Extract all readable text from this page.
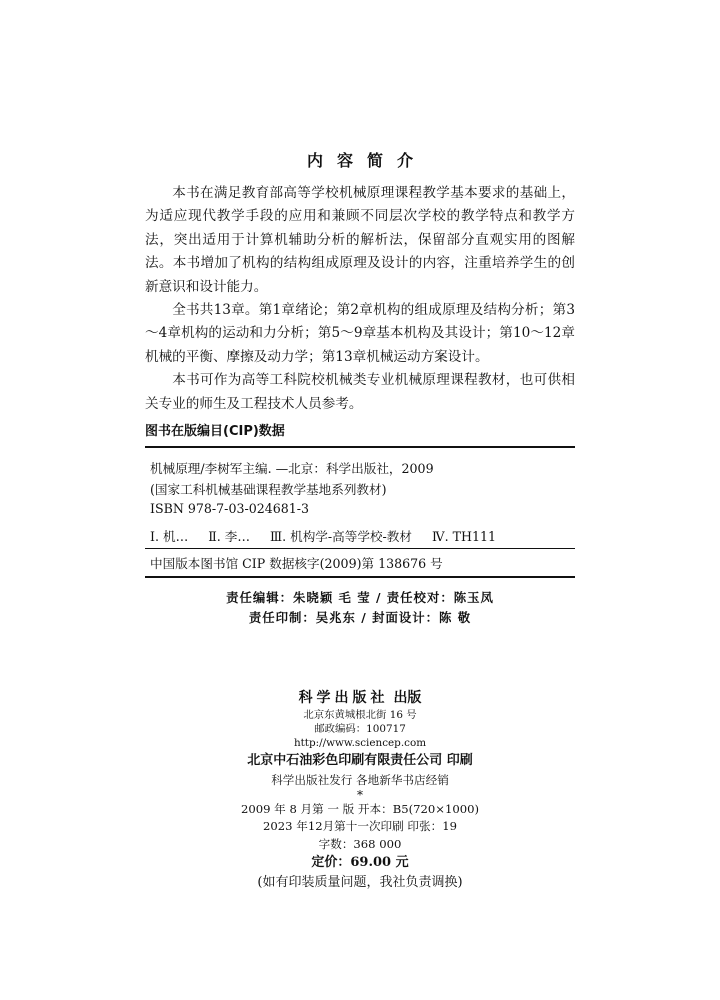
内容简介

本书在满足教育部高等学校机械原理课程教学基本要求的基础上，为适应现代教学手段的应用和兼顾不同层次学校的教学特点和教学方法，突出适用于计算机辅助分析的解析法，保留部分直观实用的图解法。本书增加了机构的结构组成原理及设计的内容，注重培养学生的创新意识和设计能力。

全书共13章。第1章绪论；第2章机构的组成原理及结构分析；第3～4章机构的运动和力分析；第5～9章基本机构及其设计；第10～12章机械的平衡、摩擦及动力学；第13章机械运动方案设计。

本书可作为高等工科院校机械类专业机械原理课程教材，也可供相关专业的师生及工程技术人员参考。

图书在版编目(CIP)数据
机械原理/李树军主编. —北京：科学出版社，2009
(国家工科机械基础课程教学基地系列教材)
ISBN 978-7-03-024681-3
Ⅰ. 机… Ⅱ. 李… Ⅲ. 机构学-高等学校-教材 Ⅳ. TH111
中国版本图书馆 CIP 数据核字(2009)第 138676 号
责任编辑：朱晓颖 毛 莹 / 责任校对：陈玉凤
责任印制：吴兆东 / 封面设计：陈 敬
科学出版社 出版
北京东黄城根北街 16 号
邮政编码：100717
http://www.sciencep.com
北京中石油彩色印刷有限责任公司 印刷
科学出版社发行 各地新华书店经销
*
2009 年 8 月第 一 版 开本：B5(720×1000)
2023 年12月第十一次印刷 印张：19
字数：368 000
定价：69.00 元
(如有印装质量问题，我社负责调换)
